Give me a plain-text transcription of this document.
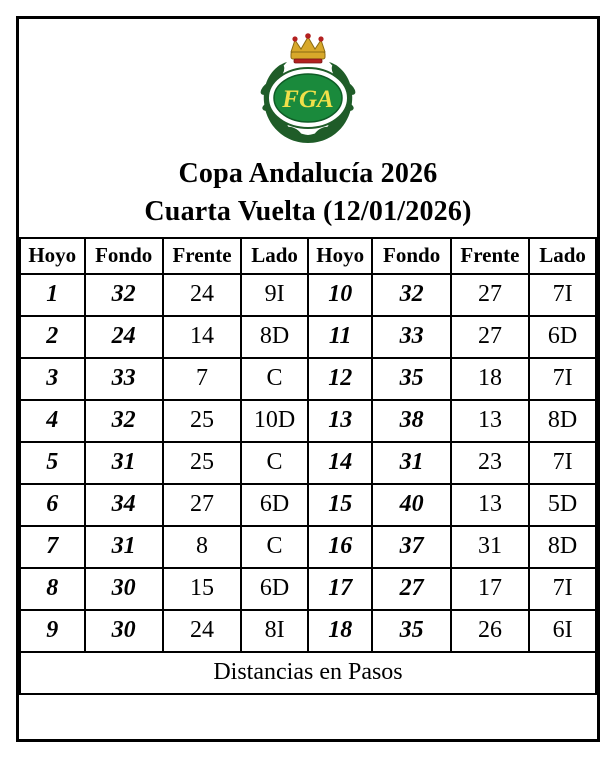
FGA
Copa Andalucía 2026
Cuarta Vuelta (12/01/2026)
Hoyo	Fondo	Frente	Lado	Hoyo	Fondo	Frente	Lado
1	32	24	9I	10	32	27	7I
2	24	14	8D	11	33	27	6D
3	33	7	C	12	35	18	7I
4	32	25	10D	13	38	13	8D
5	31	25	C	14	31	23	7I
6	34	27	6D	15	40	13	5D
7	31	8	C	16	37	31	8D
8	30	15	6D	17	27	17	7I
9	30	24	8I	18	35	26	6I
Distancias en Pasos							
